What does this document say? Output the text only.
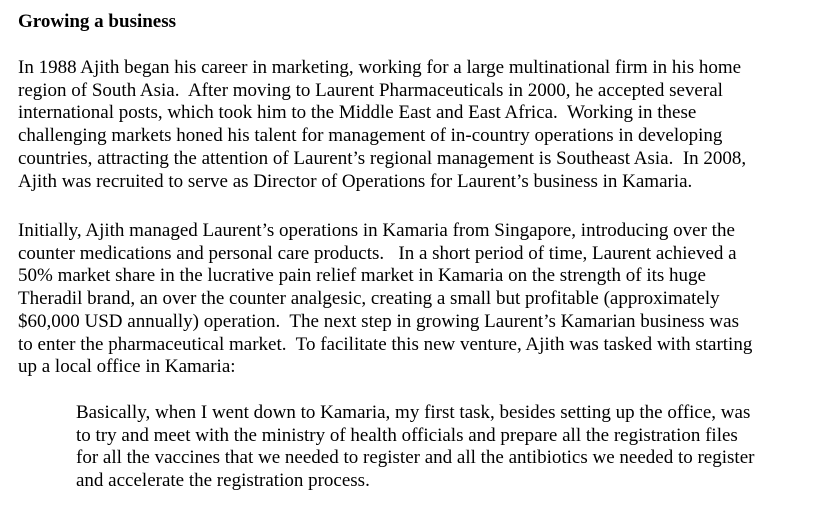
Growing a business

In 1988 Ajith began his career in marketing, working for a large multinational firm in his home
region of South Asia.  After moving to Laurent Pharmaceuticals in 2000, he accepted several
international posts, which took him to the Middle East and East Africa.  Working in these
challenging markets honed his talent for management of in-country operations in developing
countries, attracting the attention of Laurent’s regional management is Southeast Asia.  In 2008,
Ajith was recruited to serve as Director of Operations for Laurent’s business in Kamaria.

Initially, Ajith managed Laurent’s operations in Kamaria from Singapore, introducing over the
counter medications and personal care products.   In a short period of time, Laurent achieved a
50% market share in the lucrative pain relief market in Kamaria on the strength of its huge
Theradil brand, an over the counter analgesic, creating a small but profitable (approximately
$60,000 USD annually) operation.  The next step in growing Laurent’s Kamarian business was
to enter the pharmaceutical market.  To facilitate this new venture, Ajith was tasked with starting
up a local office in Kamaria:

Basically, when I went down to Kamaria, my first task, besides setting up the office, was
to try and meet with the ministry of health officials and prepare all the registration files
for all the vaccines that we needed to register and all the antibiotics we needed to register
and accelerate the registration process.
